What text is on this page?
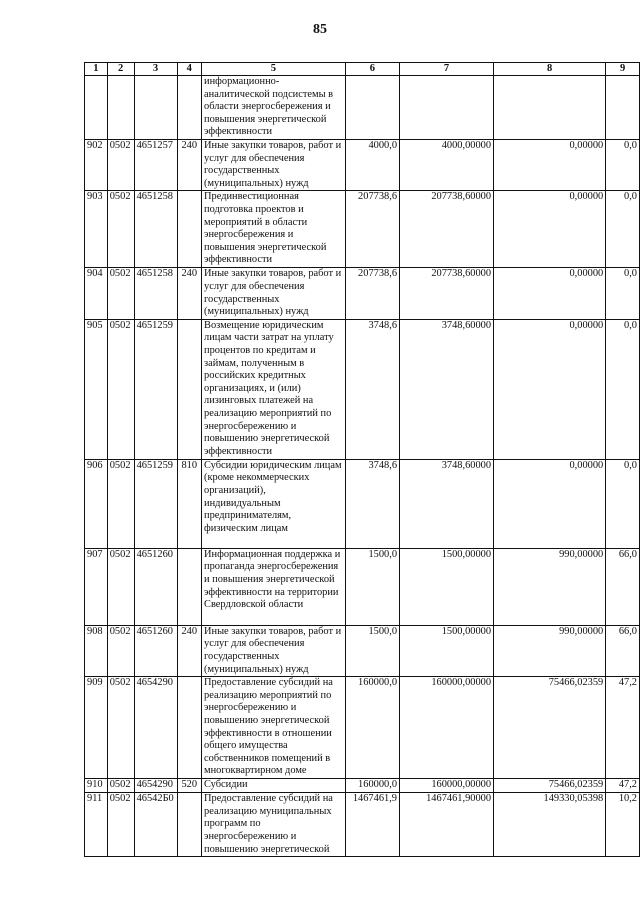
85
1	2	3	4	5	6	7	8	9
				информационно-аналитической подсистемы в области энергосбережения и повышения энергетической эффективности				
902	0502	4651257	240	Иные закупки товаров, работ и услуг для обеспечения государственных (муниципальных) нужд	4000,0	4000,00000	0,00000	0,0
903	0502	4651258		Прединвестиционная подготовка проектов и мероприятий в области энергосбережения и повышения энергетической эффективности	207738,6	207738,60000	0,00000	0,0
904	0502	4651258	240	Иные закупки товаров, работ и услуг для обеспечения государственных (муниципальных) нужд	207738,6	207738,60000	0,00000	0,0
905	0502	4651259		Возмещение юридическим лицам части затрат на уплату процентов по кредитам и займам, полученным в российских кредитных организациях, и (или) лизинговых платежей на реализацию мероприятий по энергосбережению и повышению энергетической эффективности	3748,6	3748,60000	0,00000	0,0
906	0502	4651259	810	Субсидии юридическим лицам (кроме некоммерческих организаций), индивидуальным предпринимателям, физическим лицам	3748,6	3748,60000	0,00000	0,0
907	0502	4651260		Информационная поддержка и пропаганда энергосбережения и повышения энергетической эффективности на территории Свердловской области	1500,0	1500,00000	990,00000	66,0
908	0502	4651260	240	Иные закупки товаров, работ и услуг для обеспечения государственных (муниципальных) нужд	1500,0	1500,00000	990,00000	66,0
909	0502	4654290		Предоставление субсидий на реализацию мероприятий по энергосбережению и повышению энергетической эффективности в отношении общего имущества собственников помещений в многоквартирном доме	160000,0	160000,00000	75466,02359	47,2
910	0502	4654290	520	Субсидии	160000,0	160000,00000	75466,02359	47,2
911	0502	46542Б0		Предоставление субсидий на реализацию муниципальных программ по энергосбережению и повышению энергетической	1467461,9	1467461,90000	149330,05398	10,2
